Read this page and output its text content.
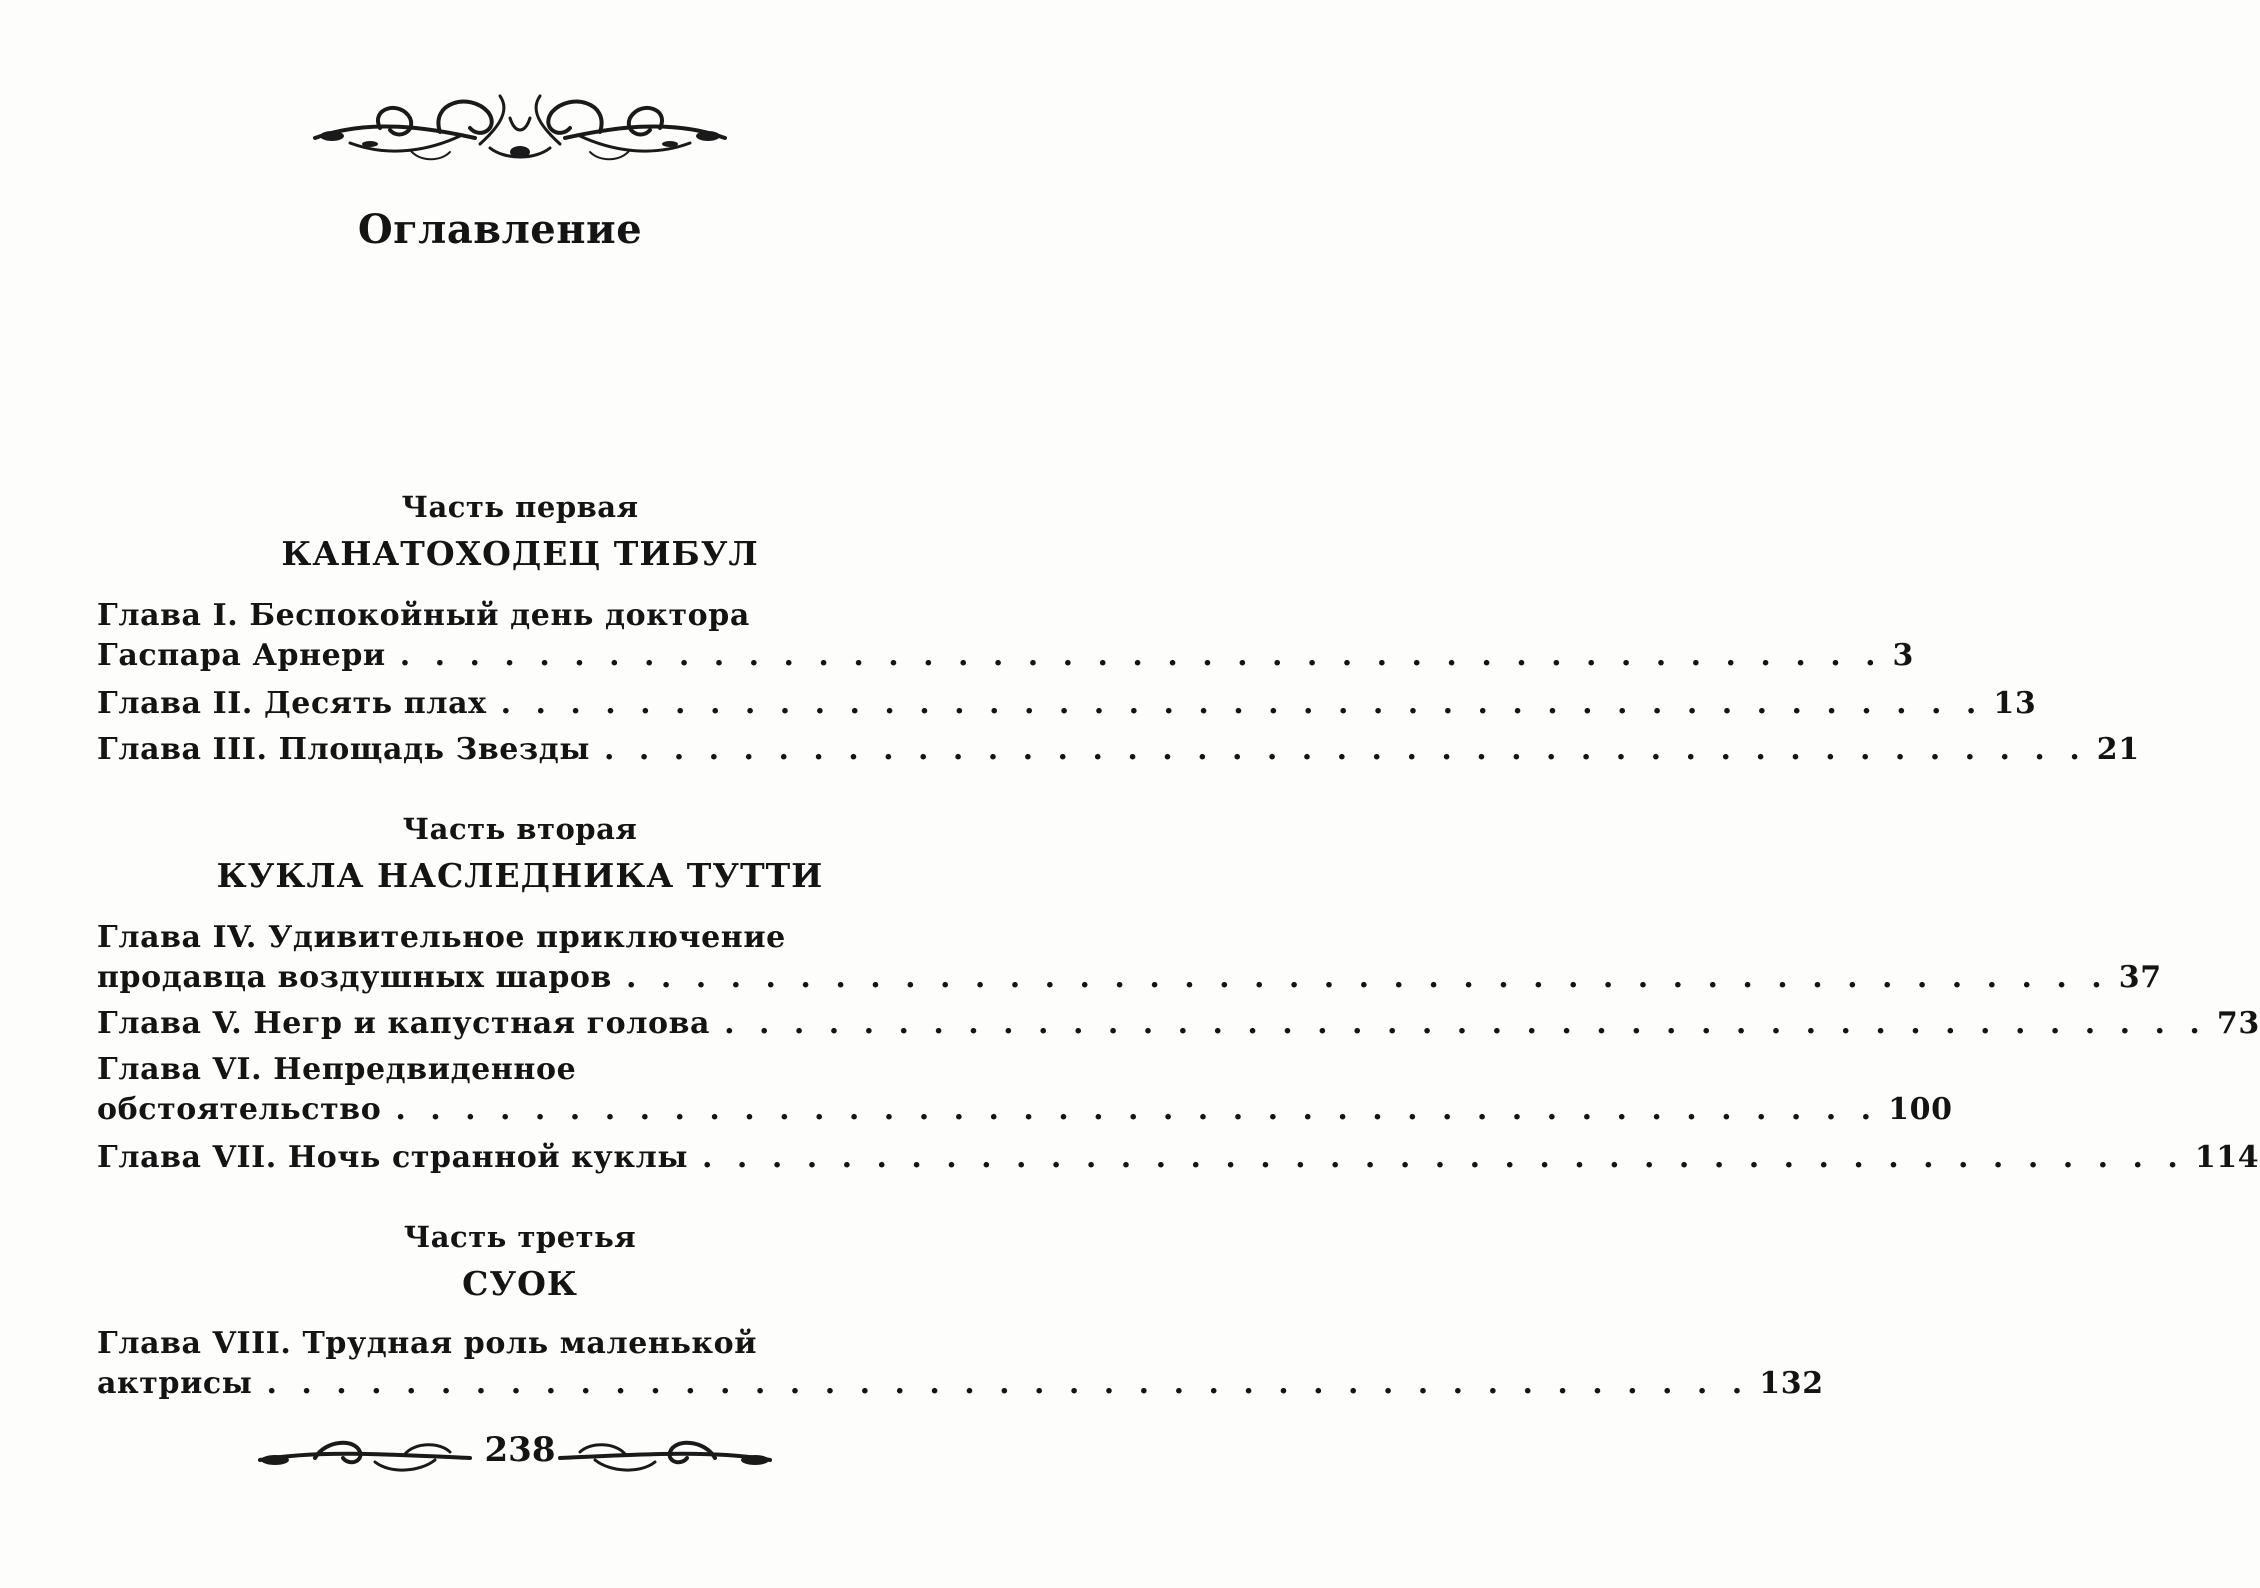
Оглавление
Часть первая
КАНАТОХОДЕЦ ТИБУЛ
Глава I. Беспокойный день доктора
Гаспара Арнери . . . . . . . . . . . . . . . . . . . . . . . . . . . . . . . . . . . . . . . . . . . 3
Глава II. Десять плах . . . . . . . . . . . . . . . . . . . . . . . . . . . . . . . . . . . . . . . . . . . 13
Глава III. Площадь Звезды . . . . . . . . . . . . . . . . . . . . . . . . . . . . . . . . . . . . . . . . . . . 21
Часть вторая
КУКЛА НАСЛЕДНИКА ТУТТИ
Глава IV. Удивительное приключение
продавца воздушных шаров . . . . . . . . . . . . . . . . . . . . . . . . . . . . . . . . . . . . . . . . . . . 37
Глава V. Негр и капустная голова . . . . . . . . . . . . . . . . . . . . . . . . . . . . . . . . . . . . . . . . . . . 73
Глава VI. Непредвиденное
обстоятельство . . . . . . . . . . . . . . . . . . . . . . . . . . . . . . . . . . . . . . . . . . . 100
Глава VII. Ночь странной куклы . . . . . . . . . . . . . . . . . . . . . . . . . . . . . . . . . . . . . . . . . . . 114
Часть третья
СУОК
Глава VIII. Трудная роль маленькой
актрисы . . . . . . . . . . . . . . . . . . . . . . . . . . . . . . . . . . . . . . . . . . . 132
238
